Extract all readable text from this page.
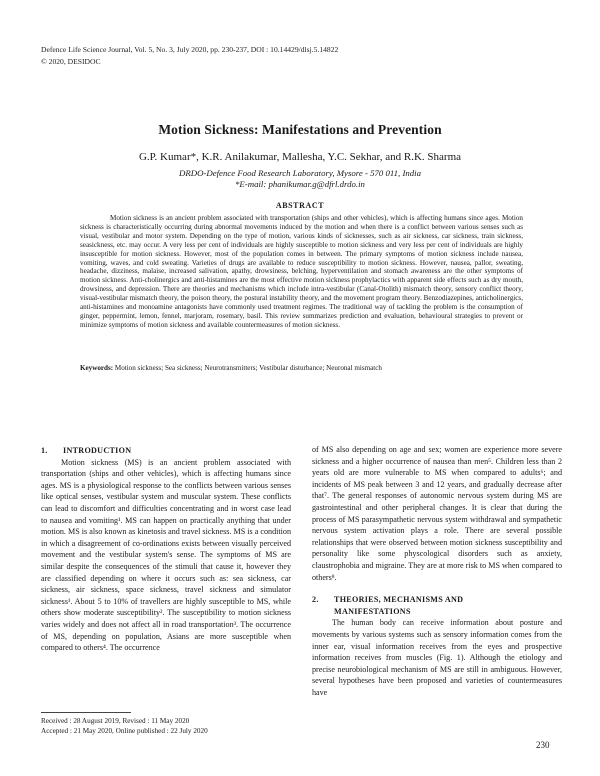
Defence Life Science Journal, Vol. 5, No. 3, July 2020, pp. 230-237, DOI : 10.14429/dlsj.5.14822
© 2020, DESIDOC
Motion Sickness: Manifestations and Prevention
G.P. Kumar*, K.R. Anilakumar, Mallesha, Y.C. Sekhar, and R.K. Sharma
DRDO-Defence Food Research Laboratory, Mysore - 570 011, India
*E-mail: phanikumar.g@dfrl.drdo.in
ABSTRACT
Motion sickness is an ancient problem associated with transportation (ships and other vehicles), which is affecting humans since ages. Motion sickness is characteristically occurring during abnormal movements induced by the motion and when there is a conflict between various senses such as visual, vestibular and motor system. Depending on the type of motion, various kinds of sicknesses, such as air sickness, car sickness, train sickness, seasickness, etc. may occur. A very less per cent of individuals are highly susceptible to motion sickness and very less per cent of individuals are highly insusceptible for motion sickness. However, most of the population comes in between. The primary symptoms of motion sickness include nausea, vomiting, waves, and cold sweating. Varieties of drugs are available to reduce susceptibility to motion sickness. However, nausea, pallor, sweating, headache, dizziness, malaise, increased salivation, apathy, drowsiness, belching, hyperventilation and stomach awareness are the other symptoms of motion sickness. Anti-cholinergics and anti-histamines are the most effective motion sickness prophylactics with apparent side effects such as dry mouth, drowsiness, and depression. There are theories and mechanisms which include intra-vestibular (Canal-Otolith) mismatch theory, sensory conflict theory, visual-vestibular mismatch theory, the poison theory, the postural instability theory, and the movement program theory. Benzodiazepines, anticholinergics, anti-histamines and monoamine antagonists have commonly used treatment regimes. The traditional way of tackling the problem is the consumption of ginger, peppermint, lemon, fennel, marjoram, rosemary, basil. This review summarizes prediction and evaluation, behavioural strategies to prevent or minimize symptoms of motion sickness and available countermeasures of motion sickness.
Keywords: Motion sickness; Sea sickness; Neurotransmitters; Vestibular disturbance; Neuronal mismatch
1.	INTRODUCTION

Motion sickness (MS) is an ancient problem associated with transportation (ships and other vehicles), which is affecting humans since ages. MS is a physiological response to the conflicts between various senses like optical senses, vestibular system and muscular system. These conflicts can lead to discomfort and difficulties concentrating and in worst case lead to nausea and vomiting¹. MS can happen on practically anything that under motion. MS is also known as kinetosis and travel sickness. MS is a condition in which a disagreement of co-ordinations exists between visually perceived movement and the vestibular system's sense. The symptoms of MS are similar despite the consequences of the stimuli that cause it, however they are classified depending on where it occurs such as: sea sickness, car sickness, air sickness, space sickness, travel sickness and simulator sickness¹. About 5 to 10% of travellers are highly susceptible to MS, while others show moderate susceptibility². The susceptibility to motion sickness varies widely and does not affect all in road transportation³. The occurrence of MS, depending on population, Asians are more susceptible when compared to others⁴. The occurrence

of MS also depending on age and sex; women are experience more severe sickness and a higher occurrence of nausea than men⁵. Children less than 2 years old are more vulnerable to MS when compared to adults⁶; and incidents of MS peak between 3 and 12 years, and gradually decrease after that⁷. The general responses of autonomic nervous system during MS are gastrointestinal and other peripheral changes. It is clear that during the process of MS parasympathetic nervous system withdrawal and sympathetic nervous system activation plays a role. There are several possible relationships that were observed between motion sickness susceptibility and personality like some physcological disorders such as anxiety, claustrophobia and migraine. They are at more risk to MS when compared to others⁸.

2.	THEORIES, MECHANISMS AND
MANIFESTATIONS

The human body can receive information about posture and movements by various systems such as sensory information comes from the inner ear, visual information receives from the eyes and prospective information receives from muscles (Fig. 1). Although the etiology and precise neurobiological mechanism of MS are still in ambiguous. However, several hypotheses have been proposed and varieties of countermeasures have

Received : 28 August 2019, Revised : 11 May 2020
Accepted : 21 May 2020, Online published : 22 July 2020
230
